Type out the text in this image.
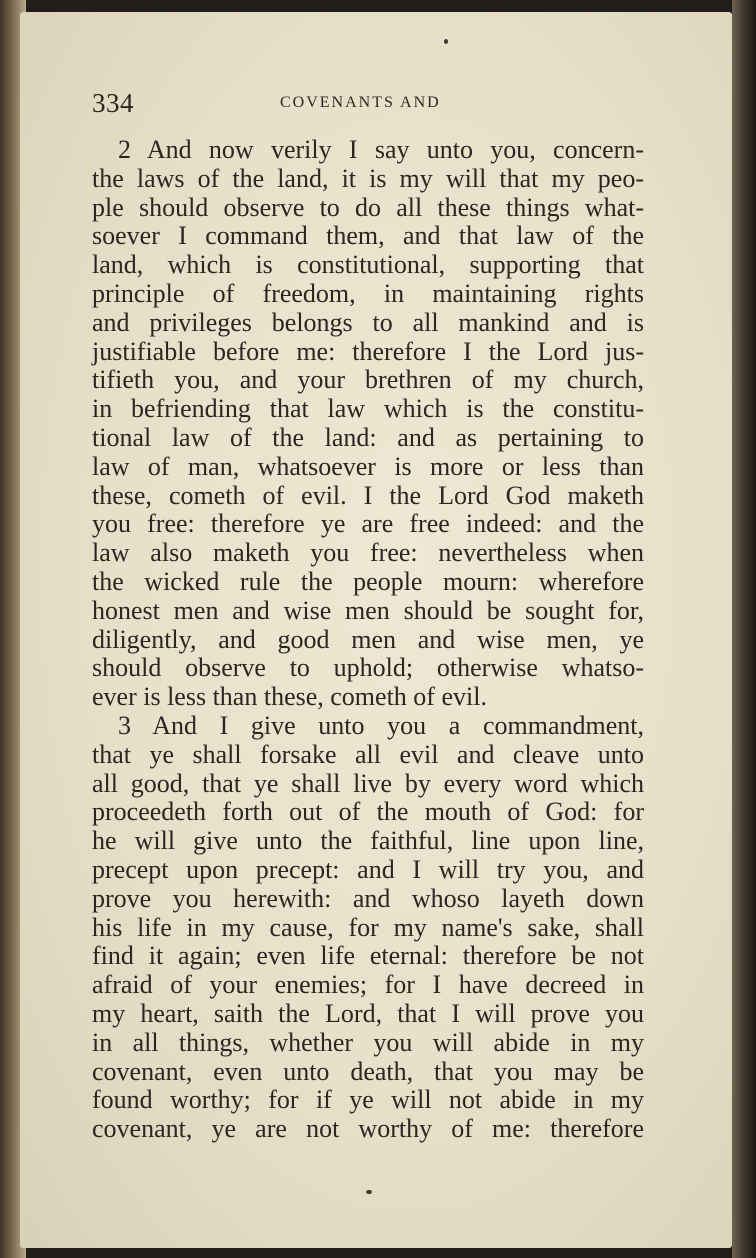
334	COVENANTS AND
2 And now verily I say unto you, concern-
the laws of the land, it is my will that my peo-
ple should observe to do all these things what-
soever I command them, and that law of the
land, which is constitutional, supporting that
principle of freedom, in maintaining rights
and privileges belongs to all mankind and is
justifiable before me: therefore I the Lord jus-
tifieth you, and your brethren of my church,
in befriending that law which is the constitu-
tional law of the land: and as pertaining to
law of man, whatsoever is more or less than
these, cometh of evil. I the Lord God maketh
you free: therefore ye are free indeed: and the
law also maketh you free: nevertheless when
the wicked rule the people mourn: wherefore
honest men and wise men should be sought for,
diligently, and good men and wise men, ye
should observe to uphold; otherwise whatso-
ever is less than these, cometh of evil.
3 And I give unto you a commandment,
that ye shall forsake all evil and cleave unto
all good, that ye shall live by every word which
proceedeth forth out of the mouth of God: for
he will give unto the faithful, line upon line,
precept upon precept: and I will try you, and
prove you herewith: and whoso layeth down
his life in my cause, for my name's sake, shall
find it again; even life eternal: therefore be not
afraid of your enemies; for I have decreed in
my heart, saith the Lord, that I will prove you
in all things, whether you will abide in my
covenant, even unto death, that you may be
found worthy; for if ye will not abide in my
covenant, ye are not worthy of me: therefore
